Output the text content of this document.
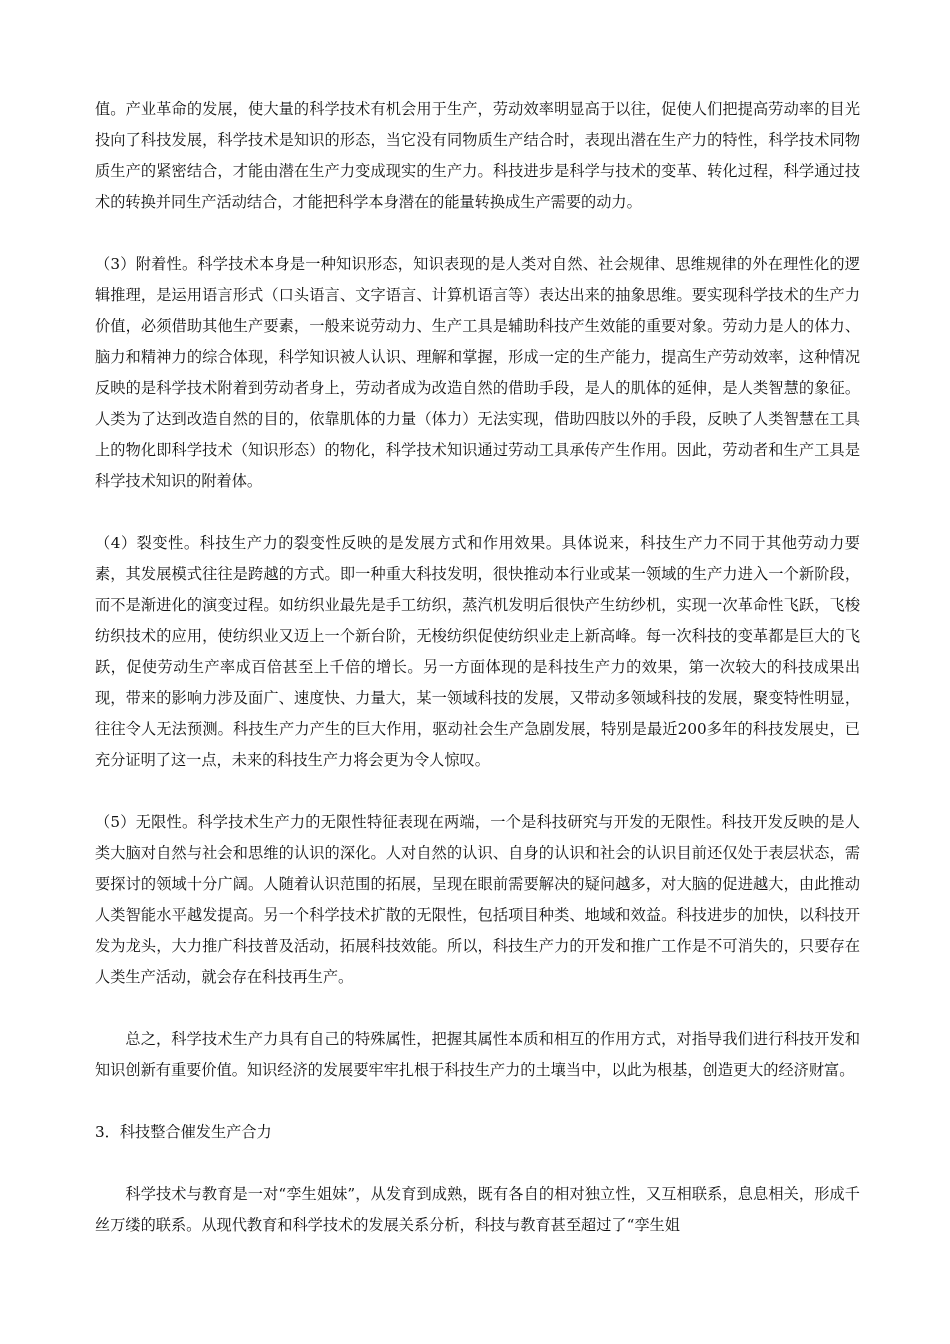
值。产业革命的发展，使大量的科学技术有机会用于生产，劳动效率明显高于以往，促使人们把提高劳动率的目光投向了科技发展，科学技术是知识的形态，当它没有同物质生产结合时，表现出潜在生产力的特性，科学技术同物质生产的紧密结合，才能由潜在生产力变成现实的生产力。科技进步是科学与技术的变革、转化过程，科学通过技术的转换并同生产活动结合，才能把科学本身潜在的能量转换成生产需要的动力。

（3）附着性。科学技术本身是一种知识形态，知识表现的是人类对自然、社会规律、思维规律的外在理性化的逻辑推理，是运用语言形式（口头语言、文字语言、计算机语言等）表达出来的抽象思维。要实现科学技术的生产力价值，必须借助其他生产要素，一般来说劳动力、生产工具是辅助科技产生效能的重要对象。劳动力是人的体力、脑力和精神力的综合体现，科学知识被人认识、理解和掌握，形成一定的生产能力，提高生产劳动效率，这种情况反映的是科学技术附着到劳动者身上，劳动者成为改造自然的借助手段，是人的肌体的延伸，是人类智慧的象征。人类为了达到改造自然的目的，依靠肌体的力量（体力）无法实现，借助四肢以外的手段，反映了人类智慧在工具上的物化即科学技术（知识形态）的物化，科学技术知识通过劳动工具承传产生作用。因此，劳动者和生产工具是科学技术知识的附着体。

（4）裂变性。科技生产力的裂变性反映的是发展方式和作用效果。具体说来，科技生产力不同于其他劳动力要素，其发展模式往往是跨越的方式。即一种重大科技发明，很快推动本行业或某一领域的生产力进入一个新阶段，而不是渐进化的演变过程。如纺织业最先是手工纺织，蒸汽机发明后很快产生纺纱机，实现一次革命性飞跃，飞梭纺织技术的应用，使纺织业又迈上一个新台阶，无梭纺织促使纺织业走上新高峰。每一次科技的变革都是巨大的飞跃，促使劳动生产率成百倍甚至上千倍的增长。另一方面体现的是科技生产力的效果，第一次较大的科技成果出现，带来的影响力涉及面广、速度快、力量大，某一领域科技的发展，又带动多领域科技的发展，聚变特性明显，往往令人无法预测。科技生产力产生的巨大作用，驱动社会生产急剧发展，特别是最近200多年的科技发展史，已充分证明了这一点，未来的科技生产力将会更为令人惊叹。

（5）无限性。科学技术生产力的无限性特征表现在两端，一个是科技研究与开发的无限性。科技开发反映的是人类大脑对自然与社会和思维的认识的深化。人对自然的认识、自身的认识和社会的认识目前还仅处于表层状态，需要探讨的领域十分广阔。人随着认识范围的拓展，呈现在眼前需要解决的疑问越多，对大脑的促进越大，由此推动人类智能水平越发提高。另一个科学技术扩散的无限性，包括项目种类、地域和效益。科技进步的加快，以科技开发为龙头，大力推广科技普及活动，拓展科技效能。所以，科技生产力的开发和推广工作是不可消失的，只要存在人类生产活动，就会存在科技再生产。

总之，科学技术生产力具有自己的特殊属性，把握其属性本质和相互的作用方式，对指导我们进行科技开发和知识创新有重要价值。知识经济的发展要牢牢扎根于科技生产力的土壤当中，以此为根基，创造更大的经济财富。

3．科技整合催发生产合力

科学技术与教育是一对“孪生姐妹”，从发育到成熟，既有各自的相对独立性，又互相联系，息息相关，形成千丝万缕的联系。从现代教育和科学技术的发展关系分析，科技与教育甚至超过了“孪生姐
